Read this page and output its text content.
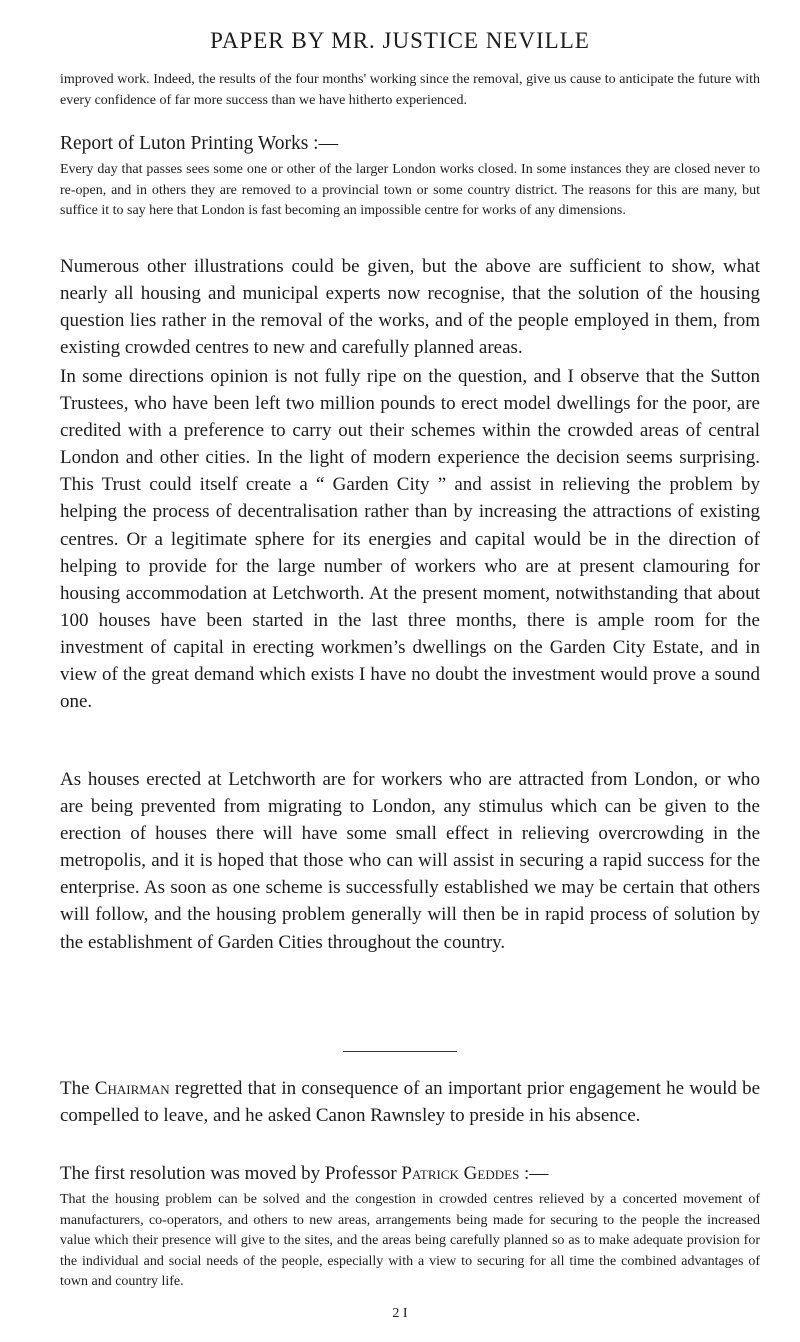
PAPER BY MR. JUSTICE NEVILLE

improved work. Indeed, the results of the four months' working since the removal, give us cause to anticipate the future with every confidence of far more success than we have hitherto experienced.

Report of Luton Printing Works :—

Every day that passes sees some one or other of the larger London works closed. In some instances they are closed never to re-open, and in others they are removed to a provincial town or some country district. The reasons for this are many, but suffice it to say here that London is fast becoming an impossible centre for works of any dimensions.

Numerous other illustrations could be given, but the above are sufficient to show, what nearly all housing and municipal experts now recognise, that the solution of the housing question lies rather in the removal of the works, and of the people employed in them, from existing crowded centres to new and carefully planned areas.

In some directions opinion is not fully ripe on the question, and I observe that the Sutton Trustees, who have been left two million pounds to erect model dwellings for the poor, are credited with a preference to carry out their schemes within the crowded areas of central London and other cities. In the light of modern experience the decision seems surprising. This Trust could itself create a “ Garden City ” and assist in relieving the problem by helping the process of decentralisation rather than by increasing the attractions of existing centres. Or a legitimate sphere for its energies and capital would be in the direction of helping to provide for the large number of workers who are at present clamouring for housing accommodation at Letchworth. At the present moment, notwithstanding that about 100 houses have been started in the last three months, there is ample room for the investment of capital in erecting workmen’s dwellings on the Garden City Estate, and in view of the great demand which exists I have no doubt the investment would prove a sound one.

As houses erected at Letchworth are for workers who are attracted from London, or who are being prevented from migrating to London, any stimulus which can be given to the erection of houses there will have some small effect in relieving overcrowding in the metropolis, and it is hoped that those who can will assist in securing a rapid success for the enterprise. As soon as one scheme is successfully established we may be certain that others will follow, and the housing problem generally will then be in rapid process of solution by the establishment of Garden Cities throughout the country.

The Chairman regretted that in consequence of an important prior engagement he would be compelled to leave, and he asked Canon Rawnsley to preside in his absence.

The first resolution was moved by Professor Patrick Geddes :—

That the housing problem can be solved and the congestion in crowded centres relieved by a concerted movement of manufacturers, co-operators, and others to new areas, arrangements being made for securing to the people the increased value which their presence will give to the sites, and the areas being carefully planned so as to make adequate provision for the individual and social needs of the people, especially with a view to securing for all time the combined advantages of town and country life.

2 I
